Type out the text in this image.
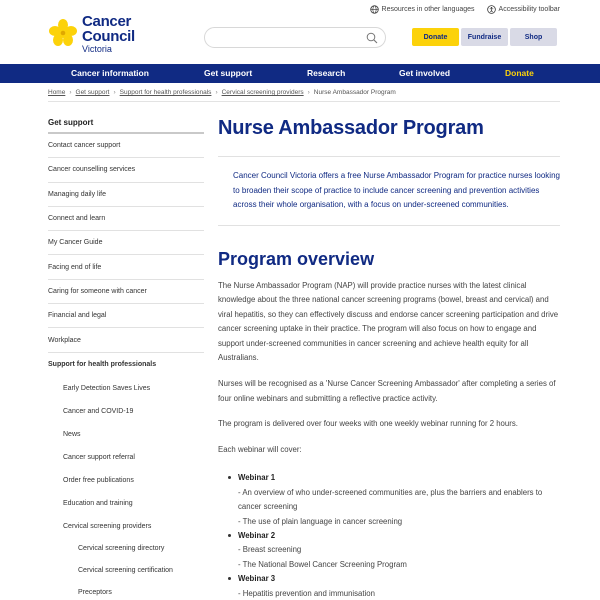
Resources in other languages	Accessibility toolbar
Cancer
Council
Victoria
Donate	Fundraise	Shop
Cancer information	Get support	Research	Get involved	Donate
Home › Get support › Support for health professionals › Cervical screening providers › Nurse Ambassador Program
Get support
Contact cancer support
Cancer counselling services
Managing daily life
Connect and learn
My Cancer Guide
Facing end of life
Caring for someone with cancer
Financial and legal
Workplace
Support for health professionals
Early Detection Saves Lives
Cancer and COVID-19
News
Cancer support referral
Order free publications
Education and training
Cervical screening providers
Cervical screening directory
Cervical screening certification
Preceptors
Nurse Ambassador Program

Cancer Council Victoria offers a free Nurse Ambassador Program for practice nurses looking to broaden their scope of practice to include cancer screening and prevention activities across their whole organisation, with a focus on under-screened communities.

Program overview

The Nurse Ambassador Program (NAP) will provide practice nurses with the latest clinical knowledge about the three national cancer screening programs (bowel, breast and cervical) and viral hepatitis, so they can effectively discuss and endorse cancer screening participation and drive cancer screening uptake in their practice. The program will also focus on how to engage and support under-screened communities in cancer screening and achieve health equity for all Australians.

Nurses will be recognised as a 'Nurse Cancer Screening Ambassador' after completing a series of four online webinars and submitting a reflective practice activity.

The program is delivered over four weeks with one weekly webinar running for 2 hours.

Each webinar will cover:

Webinar 1
- An overview of who under-screened communities are, plus the barriers and enablers to cancer screening
- The use of plain language in cancer screening
Webinar 2
- Breast screening
- The National Bowel Cancer Screening Program
Webinar 3
- Hepatitis prevention and immunisation
